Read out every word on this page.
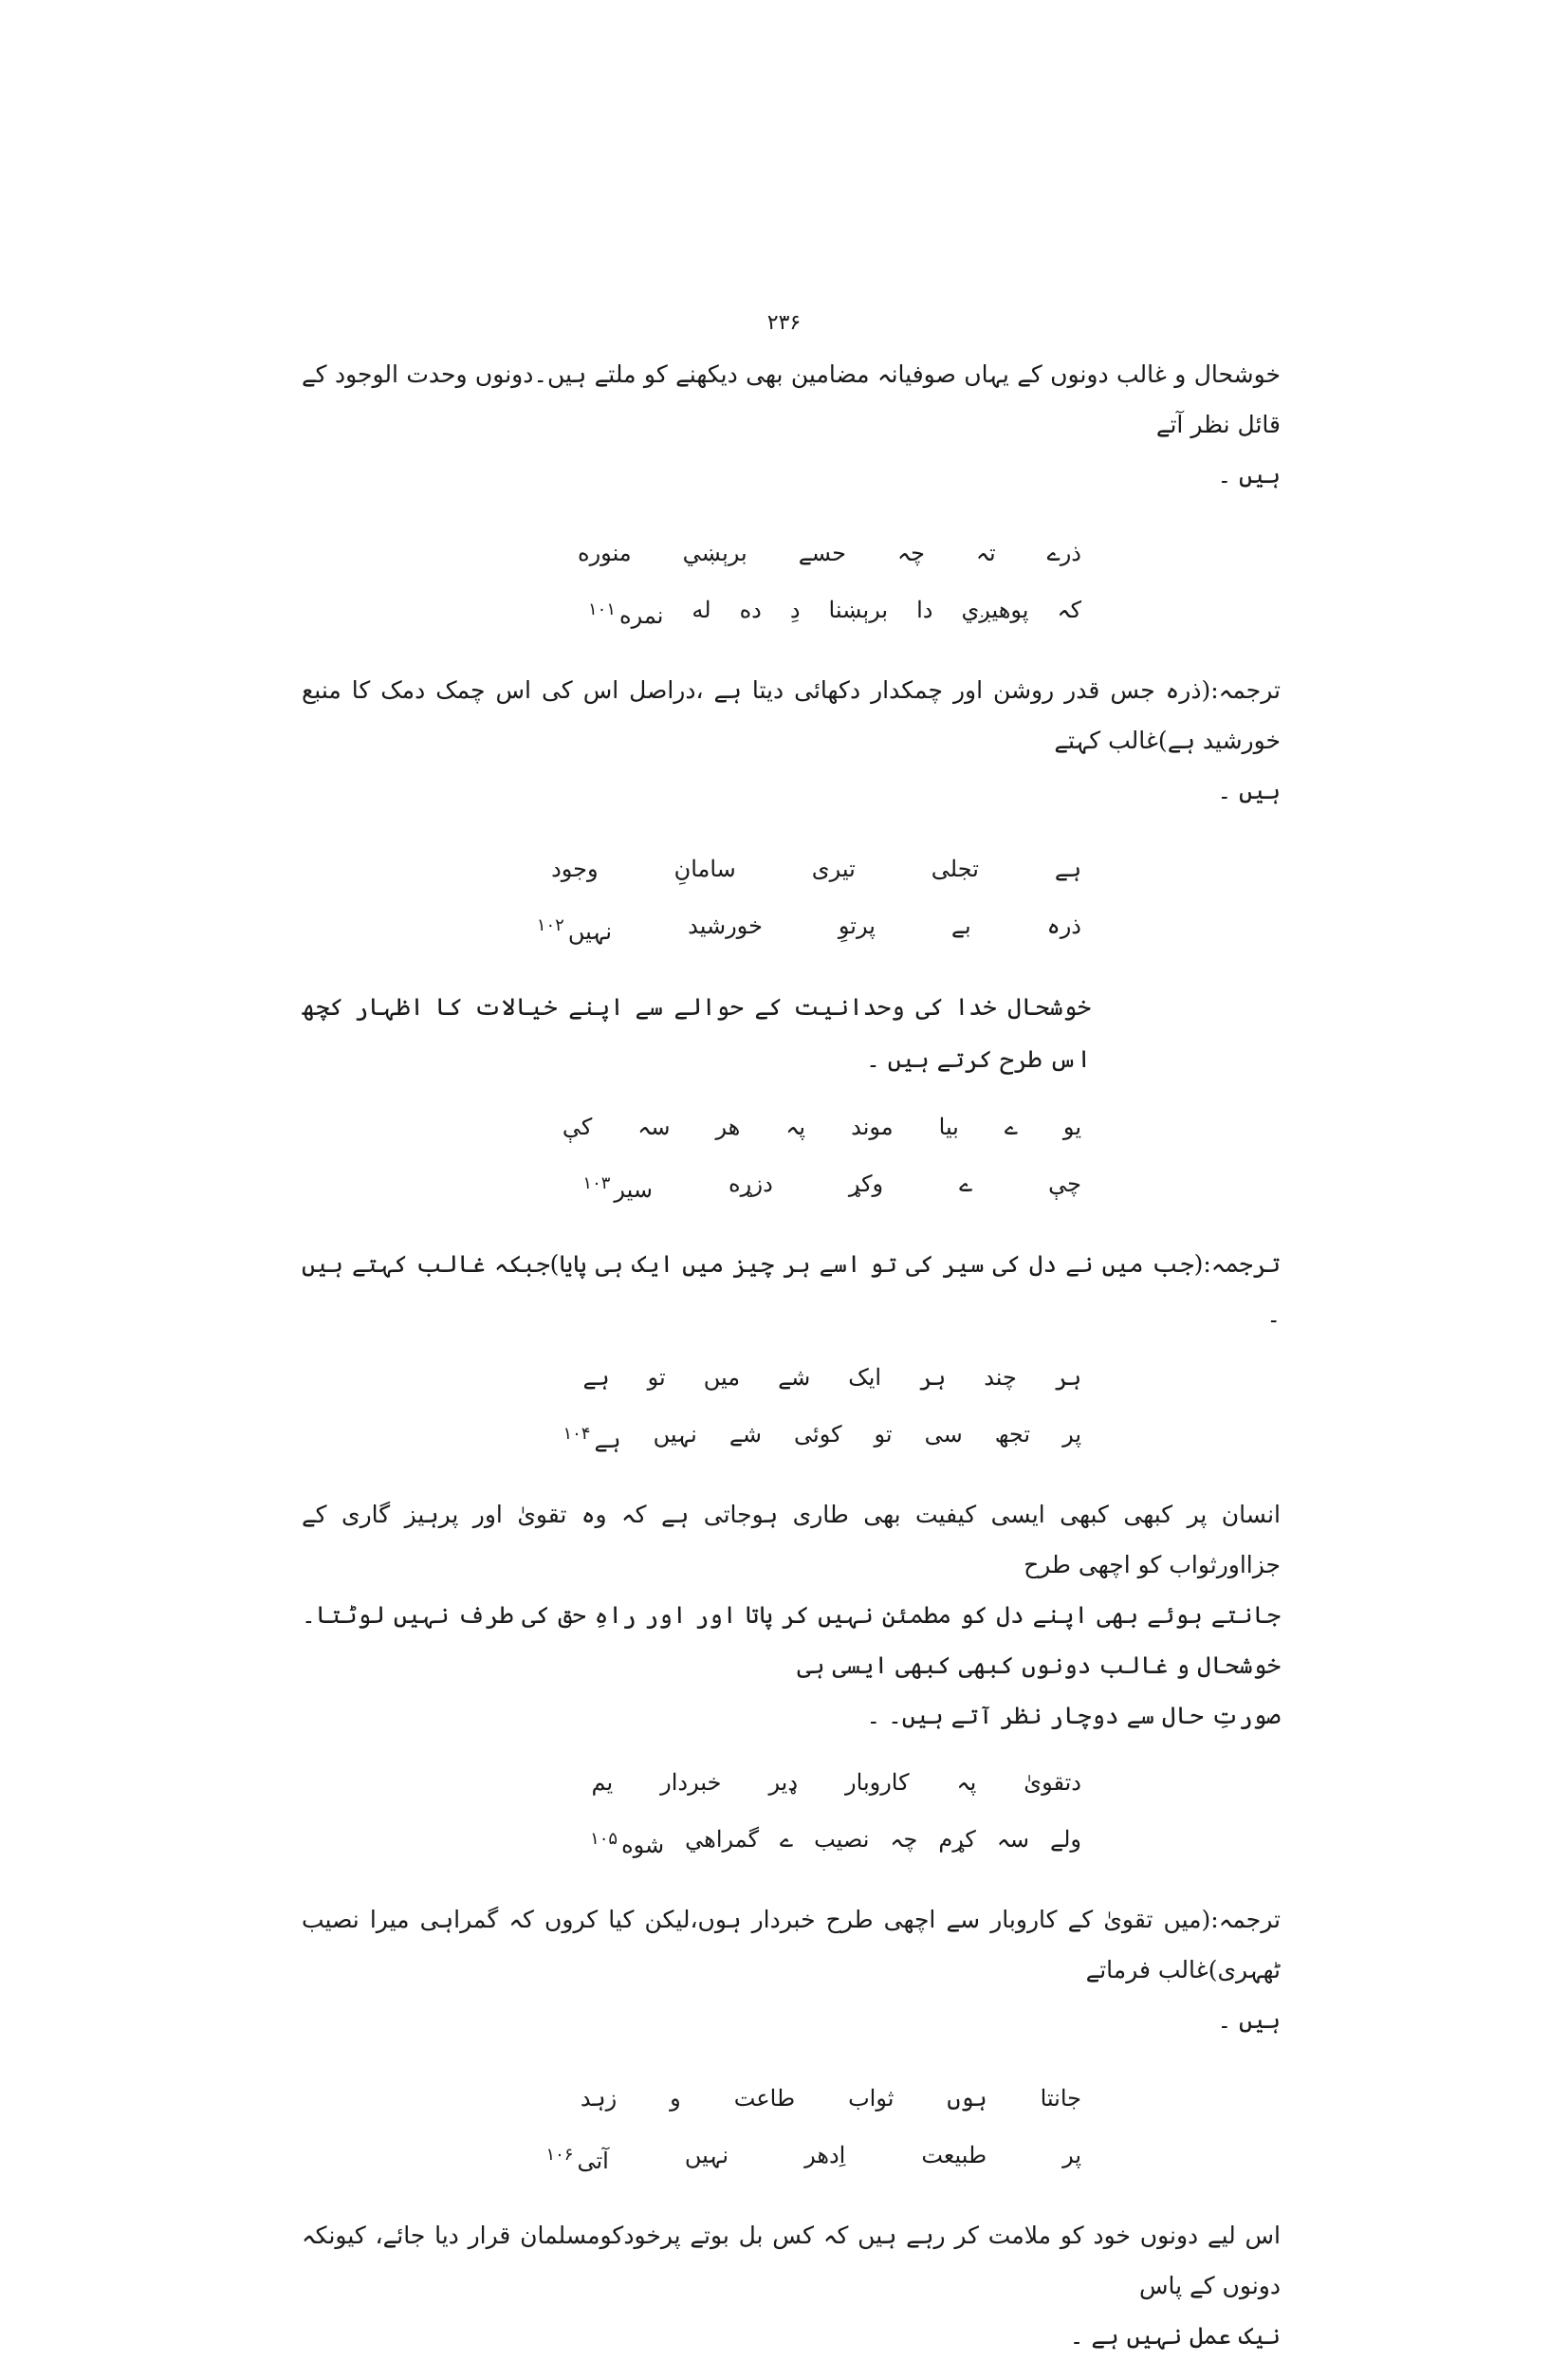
۲۳۶

خوشحال و غالب دونوں کے یہاں صوفیانہ مضامین بھی دیکھنے کو ملتے ہیں۔دونوں وحدت الوجود کے قائل نظر آتے
ہیں ۔

ذرے
تہ
چہ
حسے
برېښي
منوره
کہ
پوهيږي
دا
برېښنا
دِ
ده
له
نمره$^{۱۰۱}$

ترجمہ:(ذرہ جس قدر روشن اور چمکدار دکھائی دیتا ہے ،دراصل اس کی اس چمک دمک کا منبع خورشید ہے)غالب کہتے
ہیں ۔

ہے
تجلی
تیری
سامانِ
وجود
ذرہ
بے
پرتوِ
خورشید
نہیں$^{۱۰۲}$

خوشحال خدا کی وحدانیت کے حوالے سے اپنے خیالات کا اظہار کچھ اس طرح کرتے ہیں ۔

یو
ے
بیا
موند
پہ
هر
سہ
کې
چې
ے
وکړ
دزړه
سیر$^{۱۰۳}$

ترجمہ:(جب میں نے دل کی سیر کی تو اسے ہر چیز میں ایک ہی پایا)جبکہ غالب کہتے ہیں ۔

ہر
چند
ہر
ایک
شے
میں
تو
ہے
پر
تجھ
سی
تو
کوئی
شے
نہیں
ہے$^{۱۰۴}$

انسان پر کبھی کبھی ایسی کیفیت بھی طاری ہوجاتی ہے کہ وہ تقویٰ اور پرہیز گاری کے جزااورثواب کو اچھی طرح
جانتے ہوئے بھی اپنے دل کو مطمئن نہیں کر پاتا اور اور راہِ حق کی طرف نہیں لوٹتا۔خوشحال و غالب دونوں کبھی کبھی ایسی ہی
صورتِ حال سے دوچار نظر آتے ہیں۔ ۔

دتقویٰ
پہ
کاروبار
ډیر
خبردار
یم
ولے
سہ
کړم
چہ
نصیب
ے
گمراهي
شوه$^{۱۰۵}$

ترجمہ:(میں تقویٰ کے کاروبار سے اچھی طرح خبردار ہوں،لیکن کیا کروں کہ گمراہی میرا نصیب ٹھہری)غالب فرماتے
ہیں ۔

جانتا
ہوں
ثواب
طاعت
و
زہد
پر
طبیعت
اِدھر
نہیں
آتی$^{۱۰۶}$

اس لیے دونوں خود کو ملامت کر رہے ہیں کہ کس بل بوتے پرخودکومسلمان قرار دیا جائے، کیونکہ دونوں کے پاس
نیک عمل نہیں ہے ۔
